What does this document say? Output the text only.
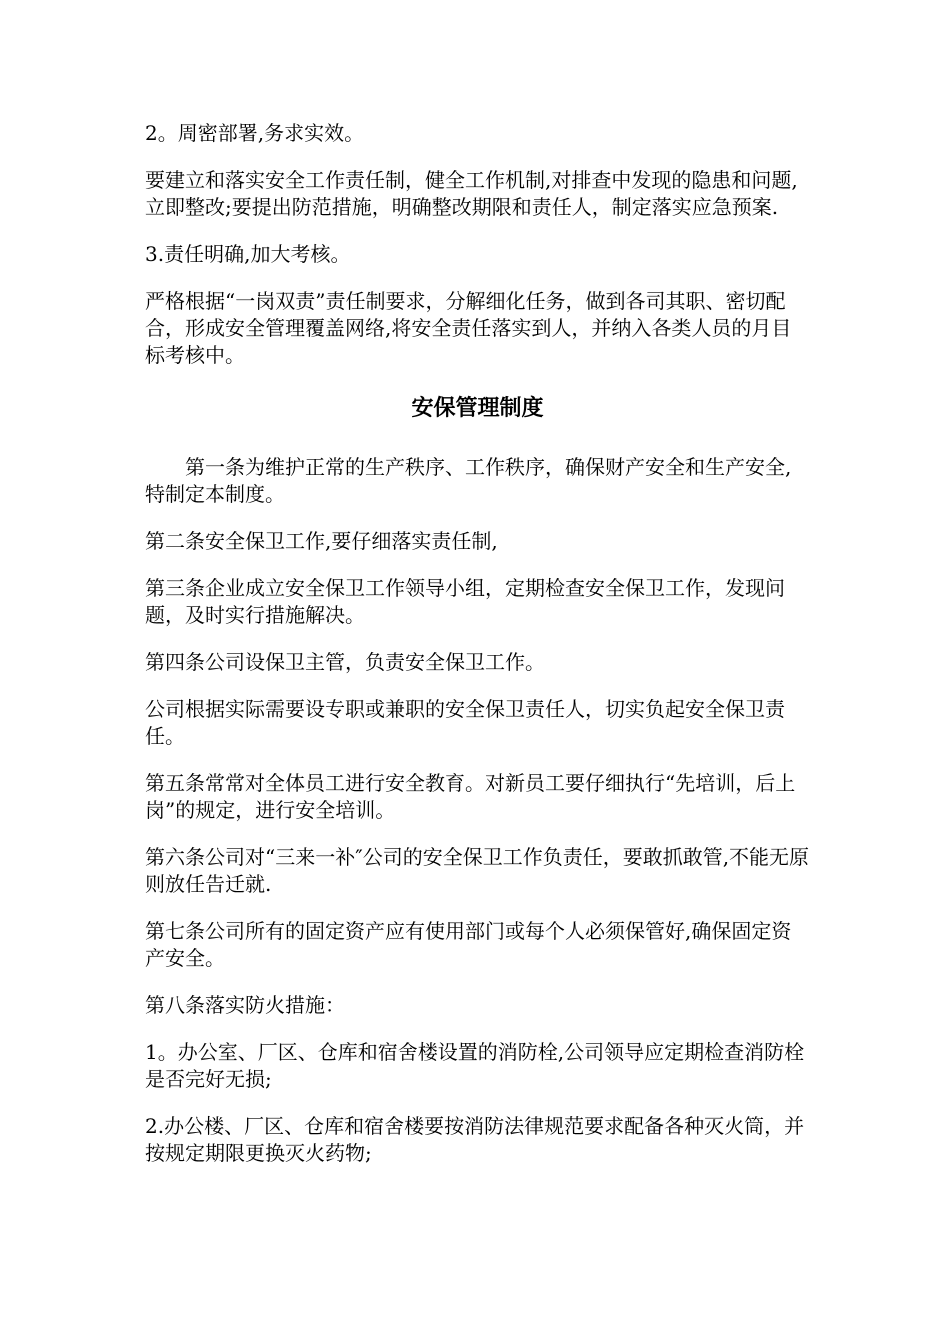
2。周密部署,务求实效。

要建立和落实安全工作责任制，健全工作机制,对排查中发现的隐患和问题,立即整改;要提出防范措施，明确整改期限和责任人，制定落实应急预案.

3.责任明确,加大考核。

严格根据“一岗双责”责任制要求，分解细化任务，做到各司其职、密切配合，形成安全管理覆盖网络,将安全责任落实到人，并纳入各类人员的月目标考核中。

安保管理制度

第一条为维护正常的生产秩序、工作秩序，确保财产安全和生产安全,特制定本制度。

第二条安全保卫工作,要仔细落实责任制,

第三条企业成立安全保卫工作领导小组，定期检查安全保卫工作，发现问题，及时实行措施解决。

第四条公司设保卫主管，负责安全保卫工作。

公司根据实际需要设专职或兼职的安全保卫责任人，切实负起安全保卫责任。

第五条常常对全体员工进行安全教育。对新员工要仔细执行“先培训，后上岗”的规定，进行安全培训。

第六条公司对“三来一补″公司的安全保卫工作负责任，要敢抓敢管,不能无原则放任告迁就.

第七条公司所有的固定资产应有使用部门或每个人必须保管好,确保固定资产安全。

第八条落实防火措施：

1。办公室、厂区、仓库和宿舍楼设置的消防栓,公司领导应定期检查消防栓是否完好无损;

2.办公楼、厂区、仓库和宿舍楼要按消防法律规范要求配备各种灭火筒，并按规定期限更换灭火药物;
